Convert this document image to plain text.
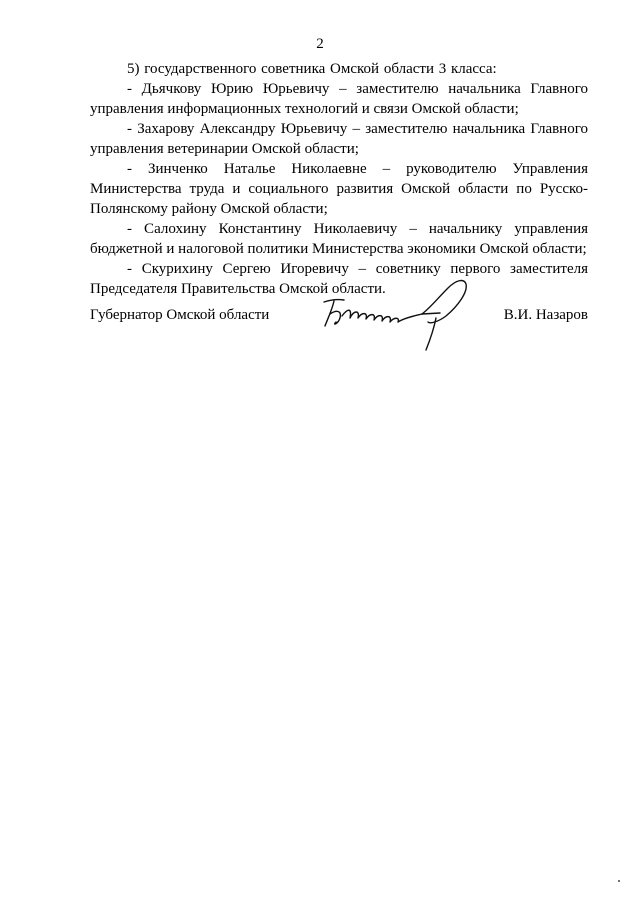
2

5) государственного советника Омской области 3 класса:

- Дьячкову Юрию Юрьевичу – заместителю начальника Главного управления информационных технологий и связи Омской области;

- Захарову Александру Юрьевичу – заместителю начальника Главного управления ветеринарии Омской области;

- Зинченко Наталье Николаевне – руководителю Управления Министерства труда и социального развития Омской области по Русско-Полянскому району Омской области;

- Салохину Константину Николаевичу – начальнику управления бюджетной и налоговой политики Министерства экономики Омской области;

- Скурихину Сергею Игоревичу – советнику первого заместителя Председателя Правительства Омской области.

Губернатор Омской области	В.И. Назаров
